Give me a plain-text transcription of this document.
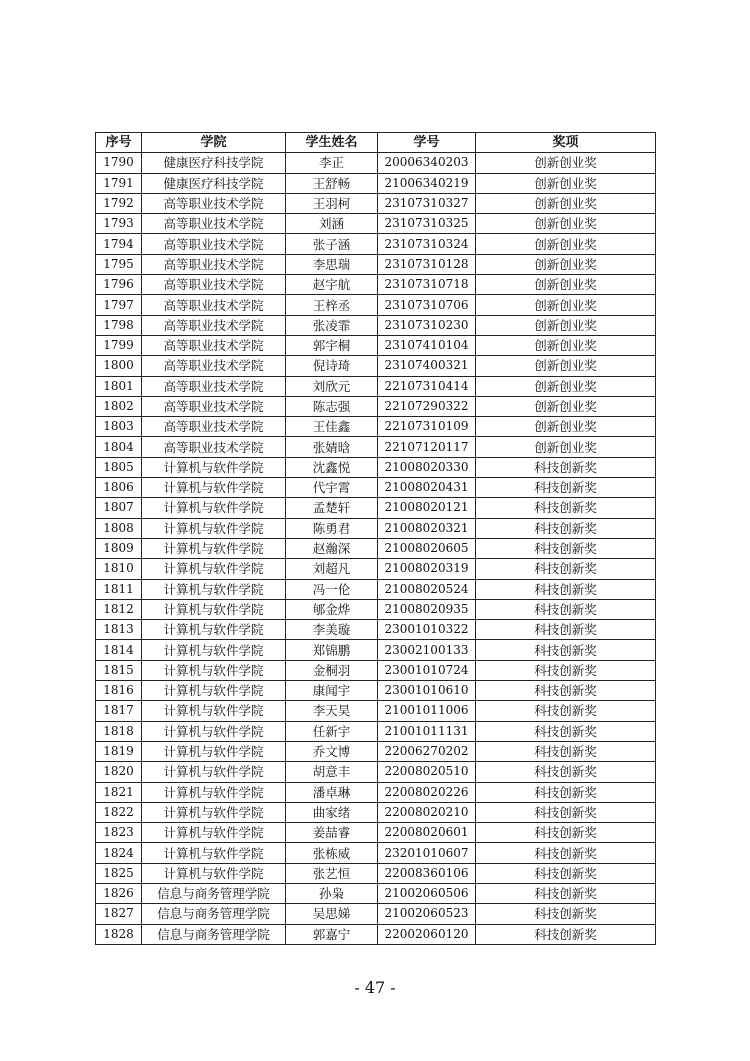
序号	学院	学生姓名	学号	奖项
1790	健康医疗科技学院	李正	20006340203	创新创业奖
1791	健康医疗科技学院	王舒畅	21006340219	创新创业奖
1792	高等职业技术学院	王羽柯	23107310327	创新创业奖
1793	高等职业技术学院	刘涵	23107310325	创新创业奖
1794	高等职业技术学院	张子涵	23107310324	创新创业奖
1795	高等职业技术学院	李思瑞	23107310128	创新创业奖
1796	高等职业技术学院	赵宇航	23107310718	创新创业奖
1797	高等职业技术学院	王梓丞	23107310706	创新创业奖
1798	高等职业技术学院	张凌霏	23107310230	创新创业奖
1799	高等职业技术学院	郭宇桐	23107410104	创新创业奖
1800	高等职业技术学院	倪诗琦	23107400321	创新创业奖
1801	高等职业技术学院	刘欣元	22107310414	创新创业奖
1802	高等职业技术学院	陈志强	22107290322	创新创业奖
1803	高等职业技术学院	王佳鑫	22107310109	创新创业奖
1804	高等职业技术学院	张婧晗	22107120117	创新创业奖
1805	计算机与软件学院	沈鑫悦	21008020330	科技创新奖
1806	计算机与软件学院	代宇霄	21008020431	科技创新奖
1807	计算机与软件学院	孟楚轩	21008020121	科技创新奖
1808	计算机与软件学院	陈勇君	21008020321	科技创新奖
1809	计算机与软件学院	赵瀚深	21008020605	科技创新奖
1810	计算机与软件学院	刘超凡	21008020319	科技创新奖
1811	计算机与软件学院	冯一伦	21008020524	科技创新奖
1812	计算机与软件学院	郇金烨	21008020935	科技创新奖
1813	计算机与软件学院	李美璇	23001010322	科技创新奖
1814	计算机与软件学院	郑锦鹏	23002100133	科技创新奖
1815	计算机与软件学院	金桐羽	23001010724	科技创新奖
1816	计算机与软件学院	康闻宇	23001010610	科技创新奖
1817	计算机与软件学院	李天昊	21001011006	科技创新奖
1818	计算机与软件学院	任新宇	21001011131	科技创新奖
1819	计算机与软件学院	乔文博	22006270202	科技创新奖
1820	计算机与软件学院	胡意丰	22008020510	科技创新奖
1821	计算机与软件学院	潘卓琳	22008020226	科技创新奖
1822	计算机与软件学院	曲家绪	22008020210	科技创新奖
1823	计算机与软件学院	姜喆睿	22008020601	科技创新奖
1824	计算机与软件学院	张栋威	23201010607	科技创新奖
1825	计算机与软件学院	张艺恒	22008360106	科技创新奖
1826	信息与商务管理学院	孙枭	21002060506	科技创新奖
1827	信息与商务管理学院	吴思娣	21002060523	科技创新奖
1828	信息与商务管理学院	郭嘉宁	22002060120	科技创新奖
- 47 -
